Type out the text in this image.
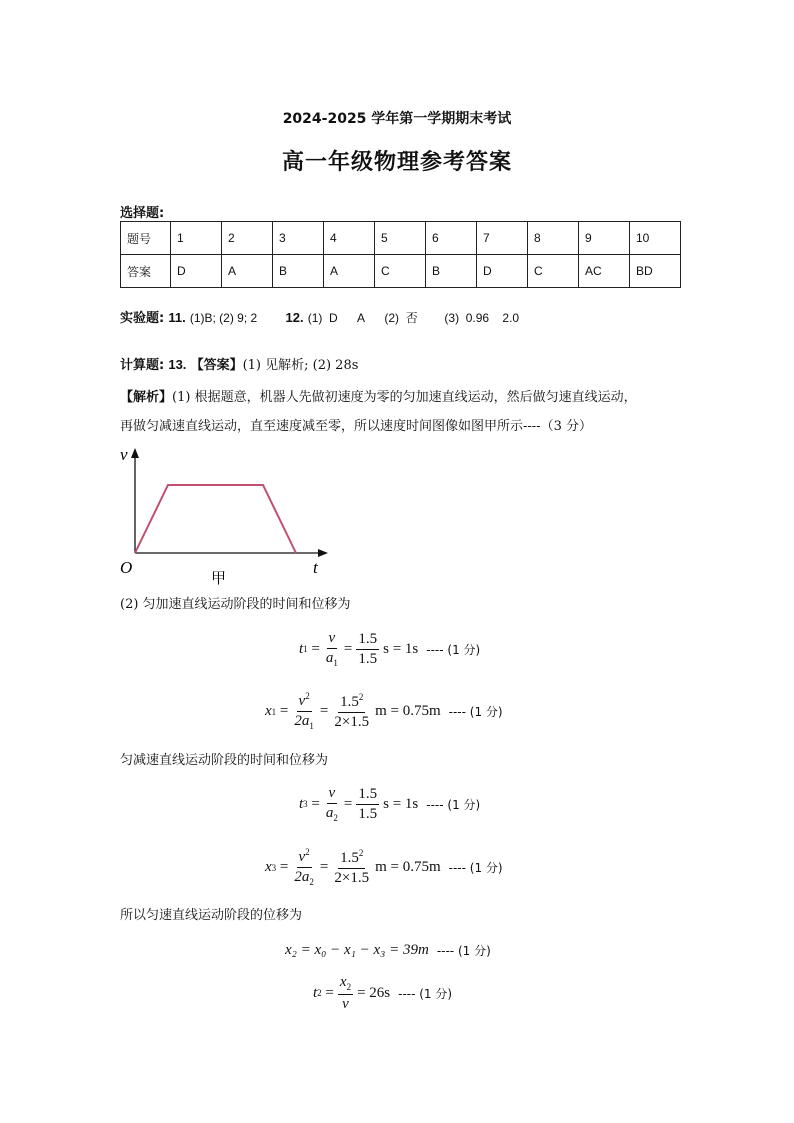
2024-2025 学年第一学期期末考试
高一年级物理参考答案
选择题:
题号	1	2	3	4	5	6	7	8	9	10
答案	D	A	B	A	C	B	D	C	AC	BD
实验题: 11. (1)B; (2) 9; 2 12. (1)  D      A      (2)  否        (3)  0.96    2.0
计算题: 13. 【答案】(1) 见解析; (2) 28s
【解析】(1) 根据题意，机器人先做初速度为零的匀加速直线运动，然后做匀速直线运动，
再做匀减速直线运动，直至速度减至零，所以速度时间图像如图甲所示----（3 分）
v
t
O
甲
(2) 匀加速直线运动阶段的时间和位移为
t $1 = \frac{v}{a_1} = \frac{1.5}{1.5}$ s = 1s ---- (1 分)
x $1 = \frac{v^2}{2a_1} = \frac{1.5^2}{2\times 1.5}$ m = 0.75m ---- (1 分)
匀减速直线运动阶段的时间和位移为
t $3 = \frac{v}{a_2} = \frac{1.5}{1.5}$ s = 1s ---- (1 分)
x $3 = \frac{v^2}{2a_2} = \frac{1.5^2}{2\times 1.5}$ m = 0.75m ---- (1 分)
所以匀速直线运动阶段的位移为
x₂ = x₀ − x₁ − x₃ = 39m ---- (1 分)
t $2 = \frac{x_2}{v} = 26s$ ---- (1 分)
